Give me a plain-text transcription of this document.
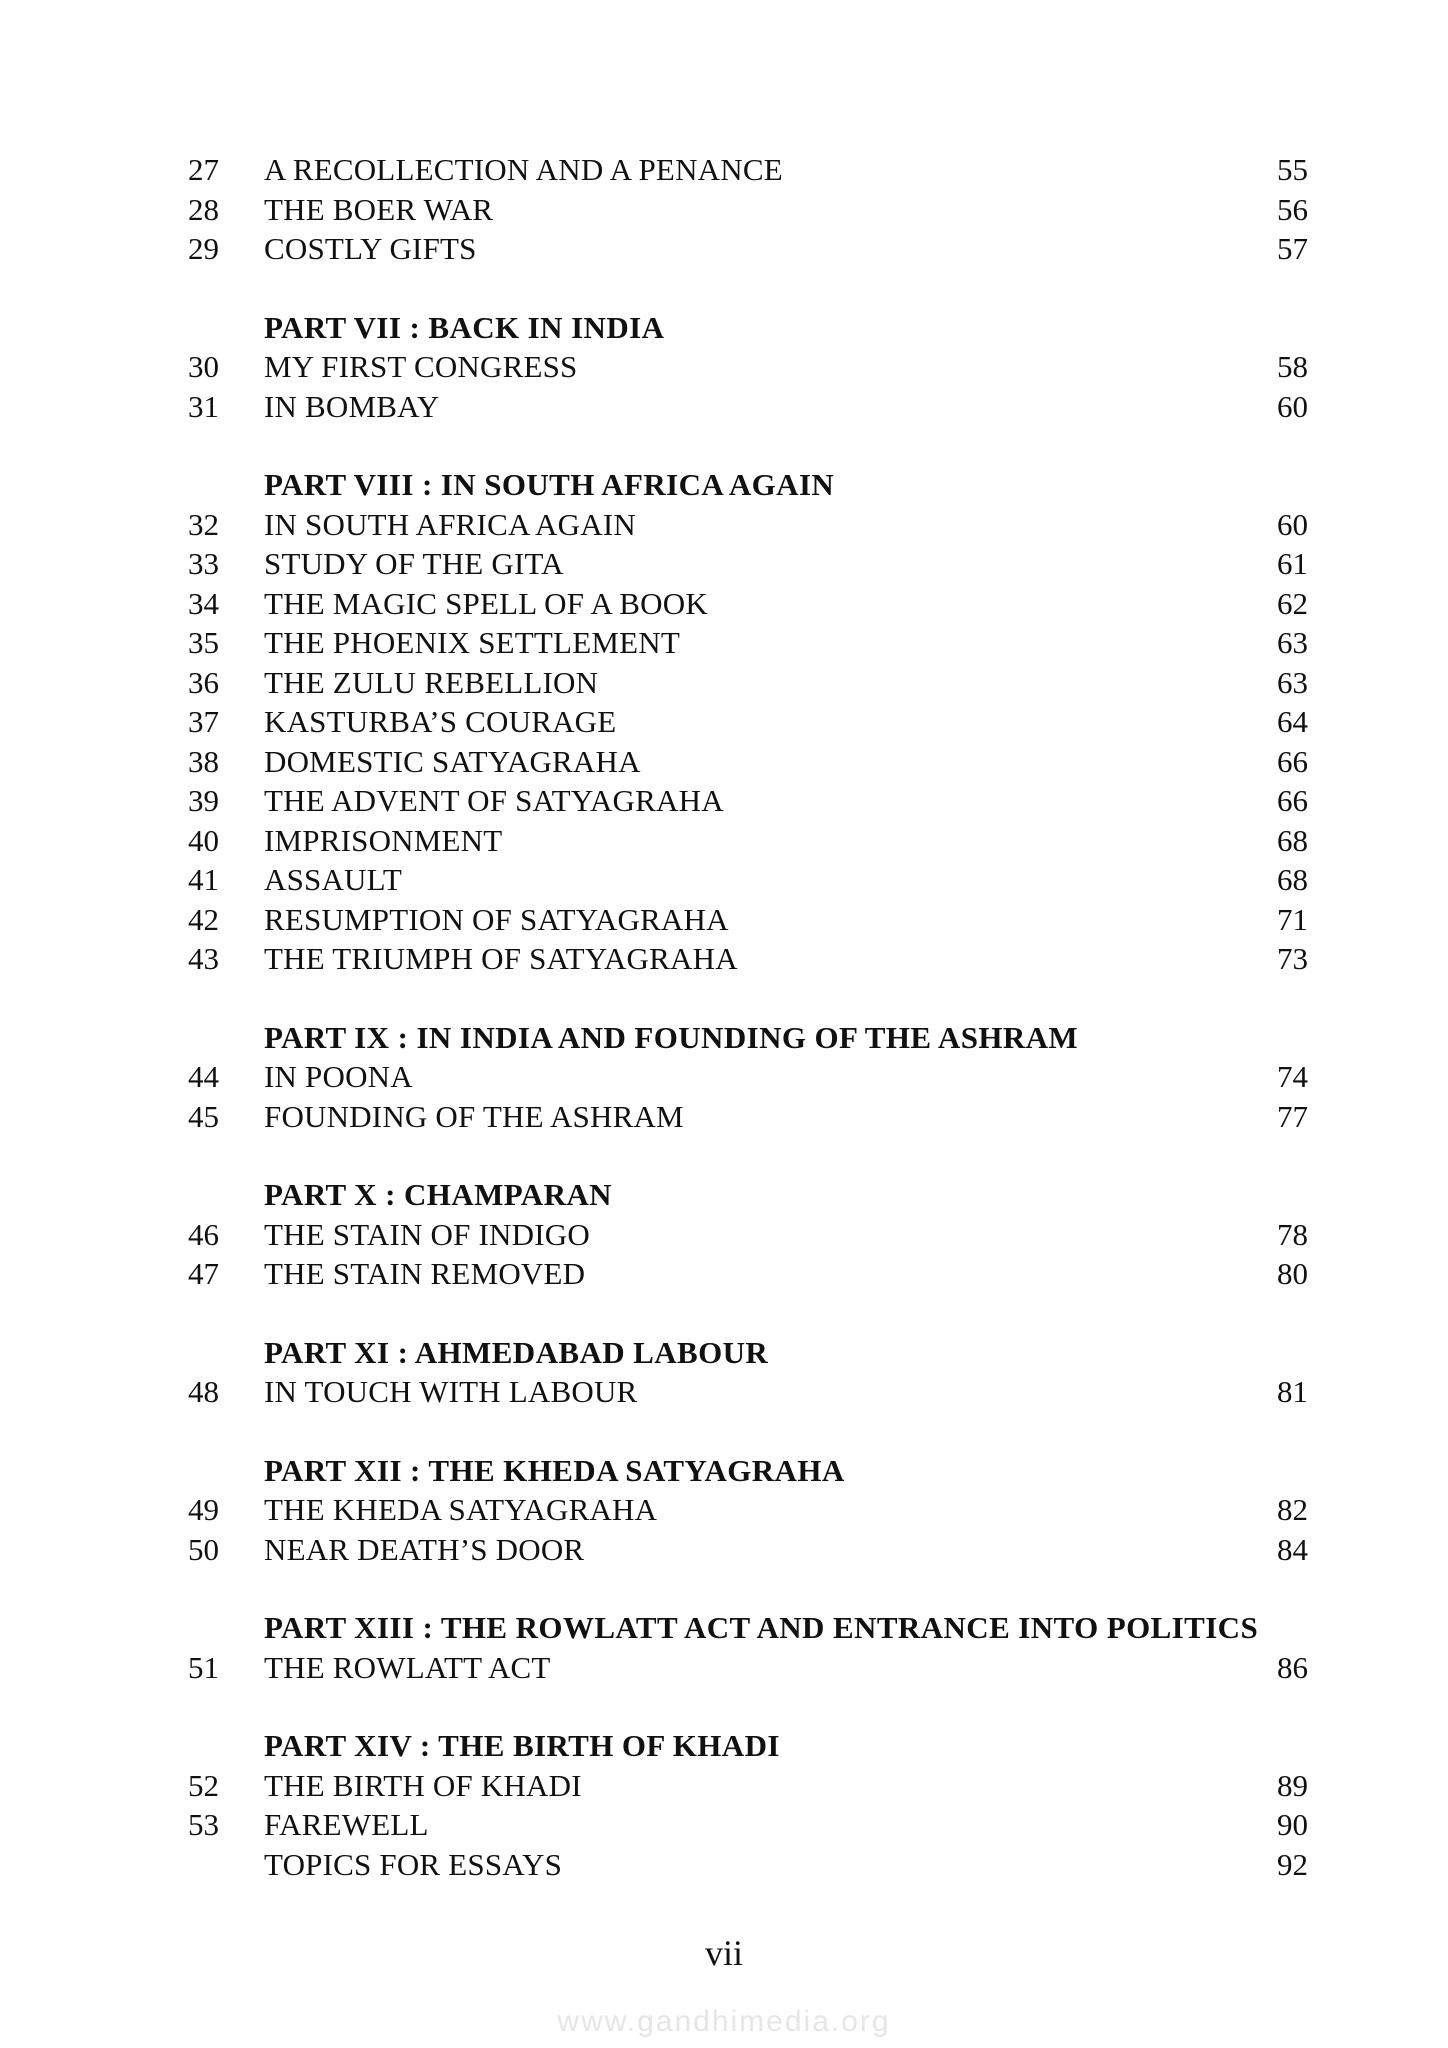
27	A RECOLLECTION AND A PENANCE	55
28	THE BOER WAR	56
29	COSTLY GIFTS	57
PART VII : BACK IN INDIA
30	MY FIRST CONGRESS	58
31	IN BOMBAY	60
PART VIII : IN SOUTH AFRICA AGAIN
32	IN SOUTH AFRICA AGAIN	60
33	STUDY OF THE GITA	61
34	THE MAGIC SPELL OF A BOOK	62
35	THE PHOENIX SETTLEMENT	63
36	THE ZULU REBELLION	63
37	KASTURBA’S COURAGE	64
38	DOMESTIC SATYAGRAHA	66
39	THE ADVENT OF SATYAGRAHA	66
40	IMPRISONMENT	68
41	ASSAULT	68
42	RESUMPTION OF SATYAGRAHA	71
43	THE TRIUMPH OF SATYAGRAHA	73
PART IX : IN INDIA AND FOUNDING OF THE ASHRAM
44	IN POONA	74
45	FOUNDING OF THE ASHRAM	77
PART X : CHAMPARAN
46	THE STAIN OF INDIGO	78
47	THE STAIN REMOVED	80
PART XI : AHMEDABAD LABOUR
48	IN TOUCH WITH LABOUR	81
PART XII : THE KHEDA SATYAGRAHA
49	THE KHEDA SATYAGRAHA	82
50	NEAR DEATH’S DOOR	84
PART XIII : THE ROWLATT ACT AND ENTRANCE INTO POLITICS
51	THE ROWLATT ACT	86
PART XIV : THE BIRTH OF KHADI
52	THE BIRTH OF KHADI	89
53	FAREWELL	90
TOPICS FOR ESSAYS	92
vii
www.gandhimedia.org
